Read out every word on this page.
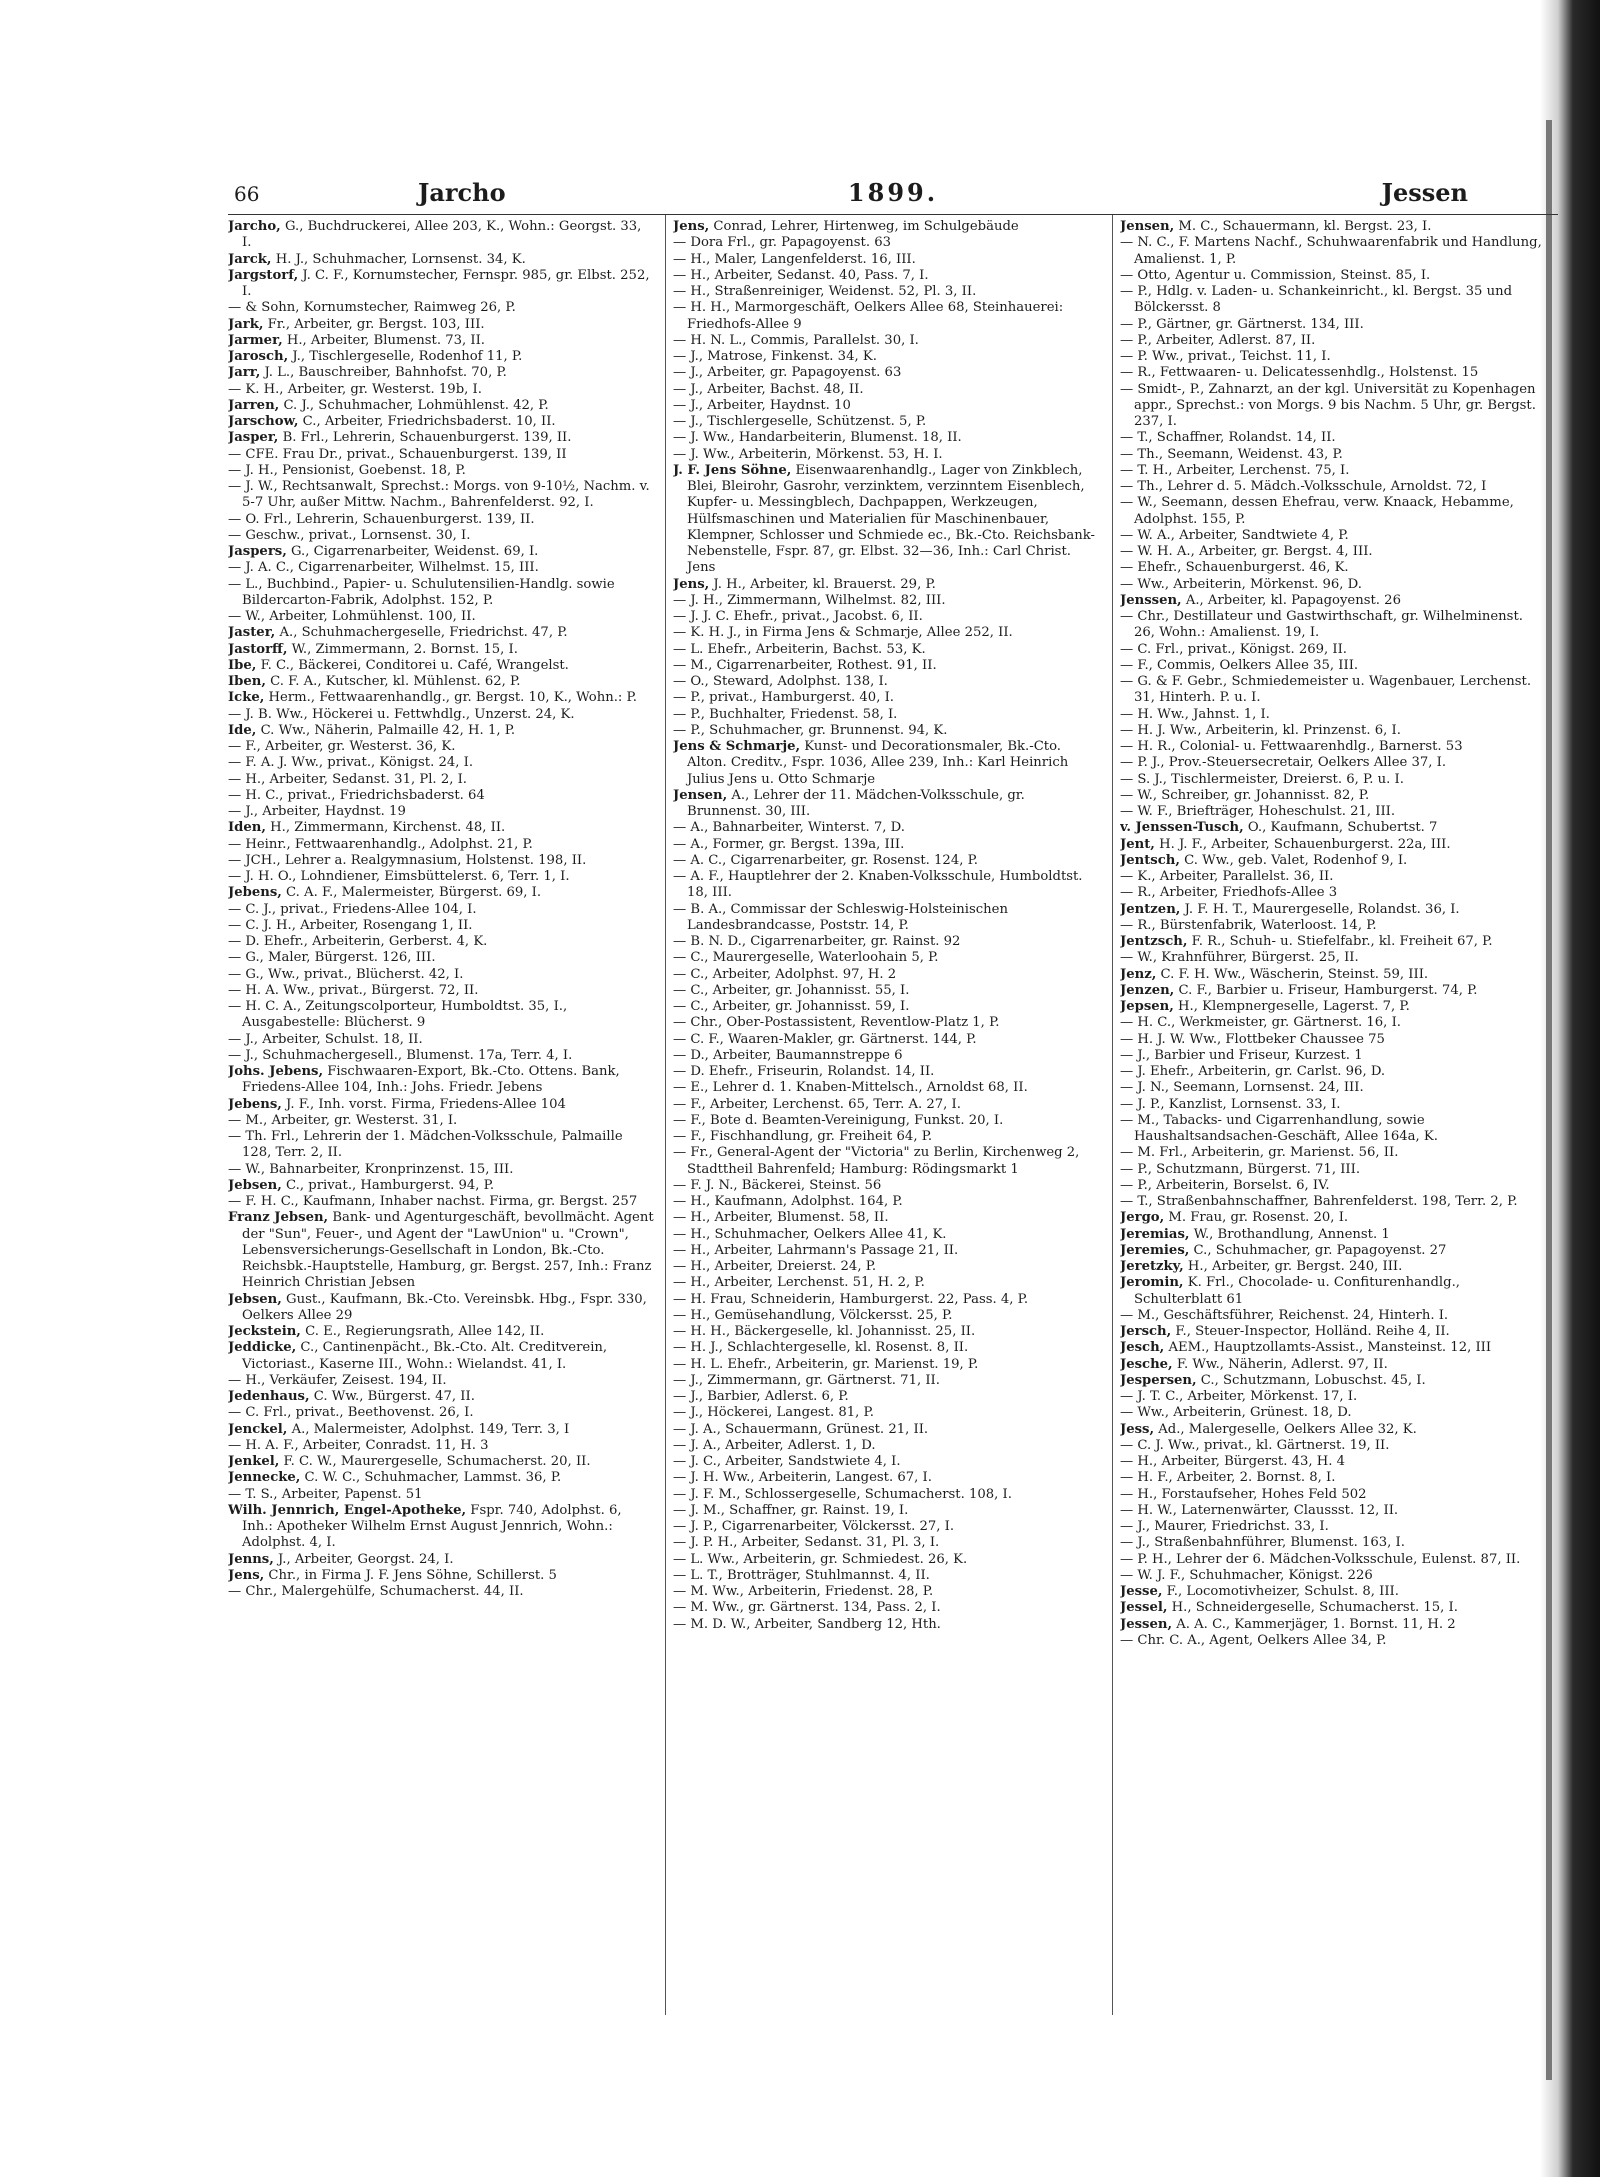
66	Jarcho	1899.	Jessen
Jarcho, G., Buchdruckerei, Allee 203, K., Wohn.: Georgst. 33, I.
Jarck, H. J., Schuhmacher, Lornsenst. 34, K.
Jargstorf, J. C. F., Kornumstecher, Fernspr. 985, gr. Elbst. 252, I.
— & Sohn, Kornumstecher, Raimweg 26, P.
Jark, Fr., Arbeiter, gr. Bergst. 103, III.
Jarmer, H., Arbeiter, Blumenst. 73, II.
Jarosch, J., Tischlergeselle, Rodenhof 11, P.
Jarr, J. L., Bauschreiber, Bahnhofst. 70, P.
— K. H., Arbeiter, gr. Westerst. 19b, I.
Jarren, C. J., Schuhmacher, Lohmühlenst. 42, P.
Jarschow, C., Arbeiter, Friedrichsbaderst. 10, II.
Jasper, B. Frl., Lehrerin, Schauenburgerst. 139, II.
— CFE. Frau Dr., privat., Schauenburgerst. 139, II
— J. H., Pensionist, Goebenst. 18, P.
— J. W., Rechtsanwalt, Sprechst.: Morgs. von 9-10½, Nachm. v. 5-7 Uhr, außer Mittw. Nachm., Bahrenfelderst. 92, I.
— O. Frl., Lehrerin, Schauenburgerst. 139, II.
— Geschw., privat., Lornsenst. 30, I.
Jaspers, G., Cigarrenarbeiter, Weidenst. 69, I.
— J. A. C., Cigarrenarbeiter, Wilhelmst. 15, III.
— L., Buchbind., Papier- u. Schulutensilien-Handlg. sowie Bildercarton-Fabrik, Adolphst. 152, P.
— W., Arbeiter, Lohmühlenst. 100, II.
Jaster, A., Schuhmachergeselle, Friedrichst. 47, P.
Jastorff, W., Zimmermann, 2. Bornst. 15, I.
Ibe, F. C., Bäckerei, Conditorei u. Café, Wrangelst.
Iben, C. F. A., Kutscher, kl. Mühlenst. 62, P.
Icke, Herm., Fettwaarenhandlg., gr. Bergst. 10, K., Wohn.: P.
— J. B. Ww., Höckerei u. Fettwhdlg., Unzerst. 24, K.
Ide, C. Ww., Näherin, Palmaille 42, H. 1, P.
— F., Arbeiter, gr. Westerst. 36, K.
— F. A. J. Ww., privat., Königst. 24, I.
— H., Arbeiter, Sedanst. 31, Pl. 2, I.
— H. C., privat., Friedrichsbaderst. 64
— J., Arbeiter, Haydnst. 19
Iden, H., Zimmermann, Kirchenst. 48, II.
— Heinr., Fettwaarenhandlg., Adolphst. 21, P.
— JCH., Lehrer a. Realgymnasium, Holstenst. 198, II.
— J. H. O., Lohndiener, Eimsbüttelerst. 6, Terr. 1, I.
Jebens, C. A. F., Malermeister, Bürgerst. 69, I.
— C. J., privat., Friedens-Allee 104, I.
— C. J. H., Arbeiter, Rosengang 1, II.
— D. Ehefr., Arbeiterin, Gerberst. 4, K.
— G., Maler, Bürgerst. 126, III.
— G., Ww., privat., Blücherst. 42, I.
— H. A. Ww., privat., Bürgerst. 72, II.
— H. C. A., Zeitungscolporteur, Humboldtst. 35, I., Ausgabestelle: Blücherst. 9
— J., Arbeiter, Schulst. 18, II.
— J., Schuhmachergesell., Blumenst. 17a, Terr. 4, I.
Johs. Jebens, Fischwaaren-Export, Bk.-Cto. Ottens. Bank, Friedens-Allee 104, Inh.: Johs. Friedr. Jebens
Jebens, J. F., Inh. vorst. Firma, Friedens-Allee 104
— M., Arbeiter, gr. Westerst. 31, I.
— Th. Frl., Lehrerin der 1. Mädchen-Volksschule, Palmaille 128, Terr. 2, II.
— W., Bahnarbeiter, Kronprinzenst. 15, III.
Jebsen, C., privat., Hamburgerst. 94, P.
— F. H. C., Kaufmann, Inhaber nachst. Firma, gr. Bergst. 257
Franz Jebsen, Bank- und Agenturgeschäft, bevollmächt. Agent der "Sun", Feuer-, und Agent der "LawUnion" u. "Crown", Lebensversicherungs-Gesellschaft in London, Bk.-Cto. Reichsbk.-Hauptstelle, Hamburg, gr. Bergst. 257, Inh.: Franz Heinrich Christian Jebsen
Jebsen, Gust., Kaufmann, Bk.-Cto. Vereinsbk. Hbg., Fspr. 330, Oelkers Allee 29
Jeckstein, C. E., Regierungsrath, Allee 142, II.
Jeddicke, C., Cantinenpächt., Bk.-Cto. Alt. Creditverein, Victoriast., Kaserne III., Wohn.: Wielandst. 41, I.
— H., Verkäufer, Zeisest. 194, II.
Jedenhaus, C. Ww., Bürgerst. 47, II.
— C. Frl., privat., Beethovenst. 26, I.
Jenckel, A., Malermeister, Adolphst. 149, Terr. 3, I
— H. A. F., Arbeiter, Conradst. 11, H. 3
Jenkel, F. C. W., Maurergeselle, Schumacherst. 20, II.
Jennecke, C. W. C., Schuhmacher, Lammst. 36, P.
— T. S., Arbeiter, Papenst. 51
Wilh. Jennrich, Engel-Apotheke, Fspr. 740, Adolphst. 6, Inh.: Apotheker Wilhelm Ernst August Jennrich, Wohn.: Adolphst. 4, I.
Jenns, J., Arbeiter, Georgst. 24, I.
Jens, Chr., in Firma J. F. Jens Söhne, Schillerst. 5
— Chr., Malergehülfe, Schumacherst. 44, II.
Jens, Conrad, Lehrer, Hirtenweg, im Schulgebäude
— Dora Frl., gr. Papagoyenst. 63
— H., Maler, Langenfelderst. 16, III.
— H., Arbeiter, Sedanst. 40, Pass. 7, I.
— H., Straßenreiniger, Weidenst. 52, Pl. 3, II.
— H. H., Marmorgeschäft, Oelkers Allee 68, Steinhauerei: Friedhofs-Allee 9
— H. N. L., Commis, Parallelst. 30, I.
— J., Matrose, Finkenst. 34, K.
— J., Arbeiter, gr. Papagoyenst. 63
— J., Arbeiter, Bachst. 48, II.
— J., Arbeiter, Haydnst. 10
— J., Tischlergeselle, Schützenst. 5, P.
— J. Ww., Handarbeiterin, Blumenst. 18, II.
— J. Ww., Arbeiterin, Mörkenst. 53, H. I.
J. F. Jens Söhne, Eisenwaarenhandlg., Lager von Zinkblech, Blei, Bleirohr, Gasrohr, verzinktem, verzinntem Eisenblech, Kupfer- u. Messingblech, Dachpappen, Werkzeugen, Hülfsmaschinen und Materialien für Maschinenbauer, Klempner, Schlosser und Schmiede ec., Bk.-Cto. Reichsbank-Nebenstelle, Fspr. 87, gr. Elbst. 32—36, Inh.: Carl Christ. Jens
Jens, J. H., Arbeiter, kl. Brauerst. 29, P.
— J. H., Zimmermann, Wilhelmst. 82, III.
— J. J. C. Ehefr., privat., Jacobst. 6, II.
— K. H. J., in Firma Jens & Schmarje, Allee 252, II.
— L. Ehefr., Arbeiterin, Bachst. 53, K.
— M., Cigarrenarbeiter, Rothest. 91, II.
— O., Steward, Adolphst. 138, I.
— P., privat., Hamburgerst. 40, I.
— P., Buchhalter, Friedenst. 58, I.
— P., Schuhmacher, gr. Brunnenst. 94, K.
Jens & Schmarje, Kunst- und Decorationsmaler, Bk.-Cto. Alton. Creditv., Fspr. 1036, Allee 239, Inh.: Karl Heinrich Julius Jens u. Otto Schmarje
Jensen, A., Lehrer der 11. Mädchen-Volksschule, gr. Brunnenst. 30, III.
— A., Bahnarbeiter, Winterst. 7, D.
— A., Former, gr. Bergst. 139a, III.
— A. C., Cigarrenarbeiter, gr. Rosenst. 124, P.
— A. F., Hauptlehrer der 2. Knaben-Volksschule, Humboldtst. 18, III.
— B. A., Commissar der Schleswig-Holsteinischen Landesbrandcasse, Poststr. 14, P.
— B. N. D., Cigarrenarbeiter, gr. Rainst. 92
— C., Maurergeselle, Waterloohain 5, P.
— C., Arbeiter, Adolphst. 97, H. 2
— C., Arbeiter, gr. Johannisst. 55, I.
— C., Arbeiter, gr. Johannisst. 59, I.
— Chr., Ober-Postassistent, Reventlow-Platz 1, P.
— C. F., Waaren-Makler, gr. Gärtnerst. 144, P.
— D., Arbeiter, Baumannstreppe 6
— D. Ehefr., Friseurin, Rolandst. 14, II.
— E., Lehrer d. 1. Knaben-Mittelsch., Arnoldst 68, II.
— F., Arbeiter, Lerchenst. 65, Terr. A. 27, I.
— F., Bote d. Beamten-Vereinigung, Funkst. 20, I.
— F., Fischhandlung, gr. Freiheit 64, P.
— Fr., General-Agent der "Victoria" zu Berlin, Kirchenweg 2, Stadttheil Bahrenfeld; Hamburg: Rödingsmarkt 1
— F. J. N., Bäckerei, Steinst. 56
— H., Kaufmann, Adolphst. 164, P.
— H., Arbeiter, Blumenst. 58, II.
— H., Schuhmacher, Oelkers Allee 41, K.
— H., Arbeiter, Lahrmann's Passage 21, II.
— H., Arbeiter, Dreierst. 24, P.
— H., Arbeiter, Lerchenst. 51, H. 2, P.
— H. Frau, Schneiderin, Hamburgerst. 22, Pass. 4, P.
— H., Gemüsehandlung, Völckersst. 25, P.
— H. H., Bäckergeselle, kl. Johannisst. 25, II.
— H. J., Schlachtergeselle, kl. Rosenst. 8, II.
— H. L. Ehefr., Arbeiterin, gr. Marienst. 19, P.
— J., Zimmermann, gr. Gärtnerst. 71, II.
— J., Barbier, Adlerst. 6, P.
— J., Höckerei, Langest. 81, P.
— J. A., Schauermann, Grünest. 21, II.
— J. A., Arbeiter, Adlerst. 1, D.
— J. C., Arbeiter, Sandstwiete 4, I.
— J. H. Ww., Arbeiterin, Langest. 67, I.
— J. F. M., Schlossergeselle, Schumacherst. 108, I.
— J. M., Schaffner, gr. Rainst. 19, I.
— J. P., Cigarrenarbeiter, Völckersst. 27, I.
— J. P. H., Arbeiter, Sedanst. 31, Pl. 3, I.
— L. Ww., Arbeiterin, gr. Schmiedest. 26, K.
— L. T., Brotträger, Stuhlmannst. 4, II.
— M. Ww., Arbeiterin, Friedenst. 28, P.
— M. Ww., gr. Gärtnerst. 134, Pass. 2, I.
— M. D. W., Arbeiter, Sandberg 12, Hth.
Jensen, M. C., Schauermann, kl. Bergst. 23, I.
— N. C., F. Martens Nachf., Schuhwaarenfabrik und Handlung, Amalienst. 1, P.
— Otto, Agentur u. Commission, Steinst. 85, I.
— P., Hdlg. v. Laden- u. Schankeinricht., kl. Bergst. 35 und Bölckersst. 8
— P., Gärtner, gr. Gärtnerst. 134, III.
— P., Arbeiter, Adlerst. 87, II.
— P. Ww., privat., Teichst. 11, I.
— R., Fettwaaren- u. Delicatessenhdlg., Holstenst. 15
— Smidt-, P., Zahnarzt, an der kgl. Universität zu Kopenhagen appr., Sprechst.: von Morgs. 9 bis Nachm. 5 Uhr, gr. Bergst. 237, I.
— T., Schaffner, Rolandst. 14, II.
— Th., Seemann, Weidenst. 43, P.
— T. H., Arbeiter, Lerchenst. 75, I.
— Th., Lehrer d. 5. Mädch.-Volksschule, Arnoldst. 72, I
— W., Seemann, dessen Ehefrau, verw. Knaack, Hebamme, Adolphst. 155, P.
— W. A., Arbeiter, Sandtwiete 4, P.
— W. H. A., Arbeiter, gr. Bergst. 4, III.
— Ehefr., Schauenburgerst. 46, K.
— Ww., Arbeiterin, Mörkenst. 96, D.
Jenssen, A., Arbeiter, kl. Papagoyenst. 26
— Chr., Destillateur und Gastwirthschaft, gr. Wilhelminenst. 26, Wohn.: Amalienst. 19, I.
— C. Frl., privat., Königst. 269, II.
— F., Commis, Oelkers Allee 35, III.
— G. & F. Gebr., Schmiedemeister u. Wagenbauer, Lerchenst. 31, Hinterh. P. u. I.
— H. Ww., Jahnst. 1, I.
— H. J. Ww., Arbeiterin, kl. Prinzenst. 6, I.
— H. R., Colonial- u. Fettwaarenhdlg., Barnerst. 53
— P. J., Prov.-Steuersecretair, Oelkers Allee 37, I.
— S. J., Tischlermeister, Dreierst. 6, P. u. I.
— W., Schreiber, gr. Johannisst. 82, P.
— W. F., Briefträger, Hoheschulst. 21, III.
v. Jenssen-Tusch, O., Kaufmann, Schubertst. 7
Jent, H. J. F., Arbeiter, Schauenburgerst. 22a, III.
Jentsch, C. Ww., geb. Valet, Rodenhof 9, I.
— K., Arbeiter, Parallelst. 36, II.
— R., Arbeiter, Friedhofs-Allee 3
Jentzen, J. F. H. T., Maurergeselle, Rolandst. 36, I.
— R., Bürstenfabrik, Waterloost. 14, P.
Jentzsch, F. R., Schuh- u. Stiefelfabr., kl. Freiheit 67, P.
— W., Krahnführer, Bürgerst. 25, II.
Jenz, C. F. H. Ww., Wäscherin, Steinst. 59, III.
Jenzen, C. F., Barbier u. Friseur, Hamburgerst. 74, P.
Jepsen, H., Klempnergeselle, Lagerst. 7, P.
— H. C., Werkmeister, gr. Gärtnerst. 16, I.
— H. J. W. Ww., Flottbeker Chaussee 75
— J., Barbier und Friseur, Kurzest. 1
— J. Ehefr., Arbeiterin, gr. Carlst. 96, D.
— J. N., Seemann, Lornsenst. 24, III.
— J. P., Kanzlist, Lornsenst. 33, I.
— M., Tabacks- und Cigarrenhandlung, sowie Haushaltsandsachen-Geschäft, Allee 164a, K.
— M. Frl., Arbeiterin, gr. Marienst. 56, II.
— P., Schutzmann, Bürgerst. 71, III.
— P., Arbeiterin, Borselst. 6, IV.
— T., Straßenbahnschaffner, Bahrenfelderst. 198, Terr. 2, P.
Jergo, M. Frau, gr. Rosenst. 20, I.
Jeremias, W., Brothandlung, Annenst. 1
Jeremies, C., Schuhmacher, gr. Papagoyenst. 27
Jeretzky, H., Arbeiter, gr. Bergst. 240, III.
Jeromin, K. Frl., Chocolade- u. Confiturenhandlg., Schulterblatt 61
— M., Geschäftsführer, Reichenst. 24, Hinterh. I.
Jersch, F., Steuer-Inspector, Holländ. Reihe 4, II.
Jesch, AEM., Hauptzollamts-Assist., Mansteinst. 12, III
Jesche, F. Ww., Näherin, Adlerst. 97, II.
Jespersen, C., Schutzmann, Lobuschst. 45, I.
— J. T. C., Arbeiter, Mörkenst. 17, I.
— Ww., Arbeiterin, Grünest. 18, D.
Jess, Ad., Malergeselle, Oelkers Allee 32, K.
— C. J. Ww., privat., kl. Gärtnerst. 19, II.
— H., Arbeiter, Bürgerst. 43, H. 4
— H. F., Arbeiter, 2. Bornst. 8, I.
— H., Forstaufseher, Hohes Feld 502
— H. W., Laternenwärter, Claussst. 12, II.
— J., Maurer, Friedrichst. 33, I.
— J., Straßenbahnführer, Blumenst. 163, I.
— P. H., Lehrer der 6. Mädchen-Volksschule, Eulenst. 87, II.
— W. J. F., Schuhmacher, Königst. 226
Jesse, F., Locomotivheizer, Schulst. 8, III.
Jessel, H., Schneidergeselle, Schumacherst. 15, I.
Jessen, A. A. C., Kammerjäger, 1. Bornst. 11, H. 2
— Chr. C. A., Agent, Oelkers Allee 34, P.
